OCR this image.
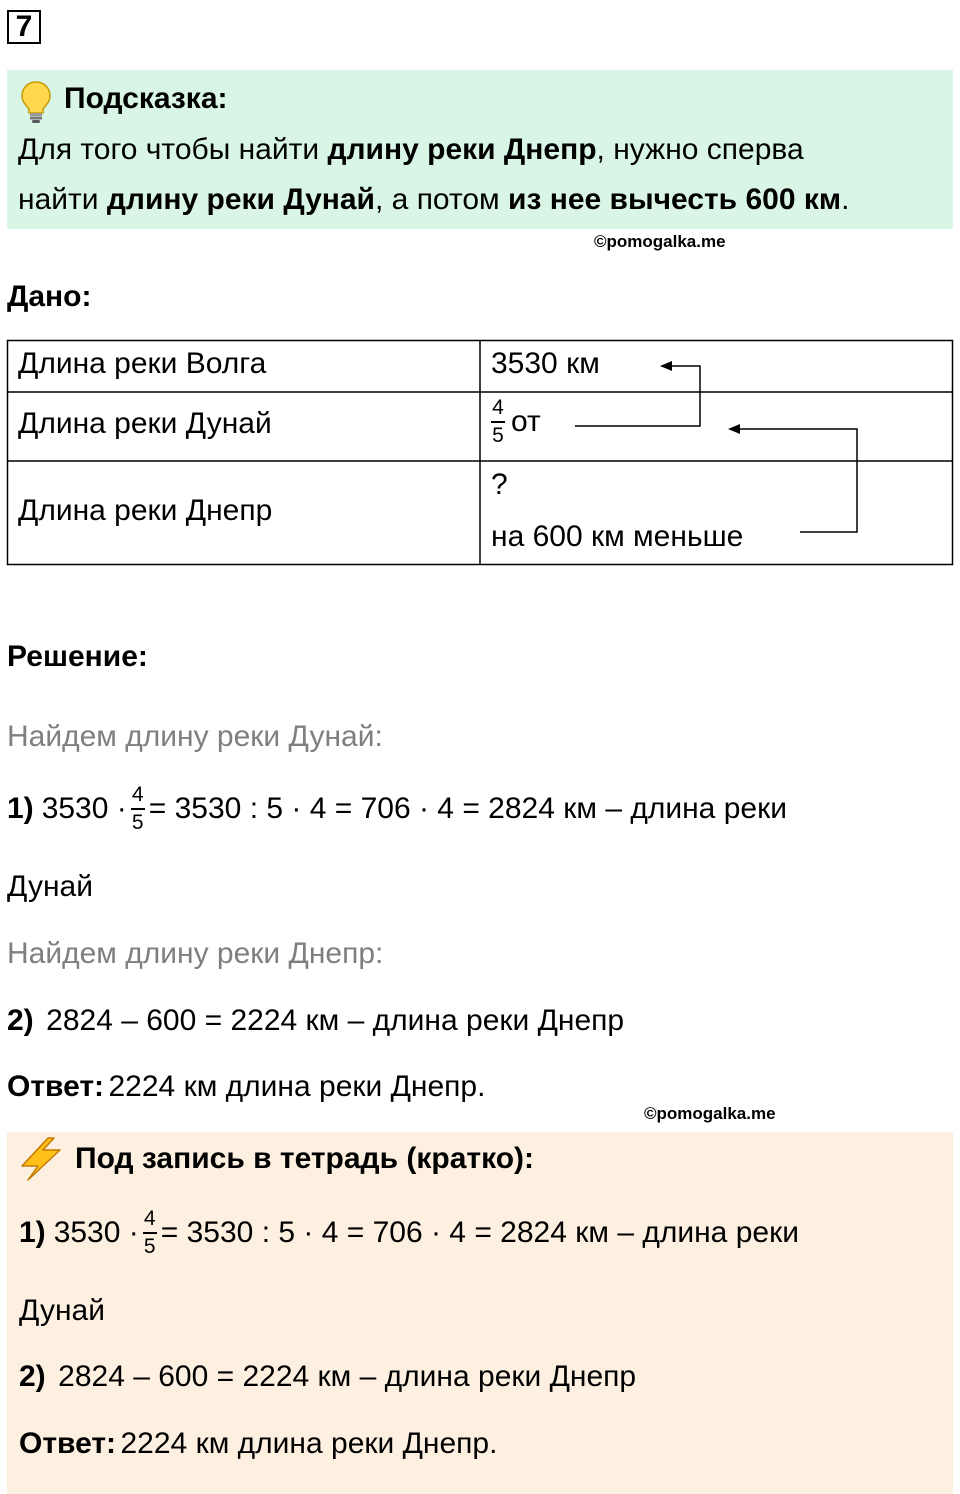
7
Подсказка:
Для того чтобы найти длину реки Днепр, нужно сперва
найти длину реки Дунай, а потом из нее вычесть 600 км.
©pomogalka.me
Дано:
Длина реки Волга	3530 км
Длина реки Дунай	$\frac{4}{5}$ от
Длина реки Днепр
?
на 600 км меньше
Решение:
Найдем длину реки Дунай:
1) $3530 \cdot \frac{4}{5} = 3530$ : 5 · 4 = 706 · 4 = 2824 км – длина реки
Дунай
Найдем длину реки Днепр:
2) 2824 – 600 = 2224 км – длина реки Днепр
Ответ: 2224 км длина реки Днепр.
©pomogalka.me
Под запись в тетрадь (кратко):
1) $3530 \cdot \frac{4}{5} = 3530$ : 5 · 4 = 706 · 4 = 2824 км – длина реки
Дунай
2) 2824 – 600 = 2224 км – длина реки Днепр
Ответ: 2224 км длина реки Днепр.
